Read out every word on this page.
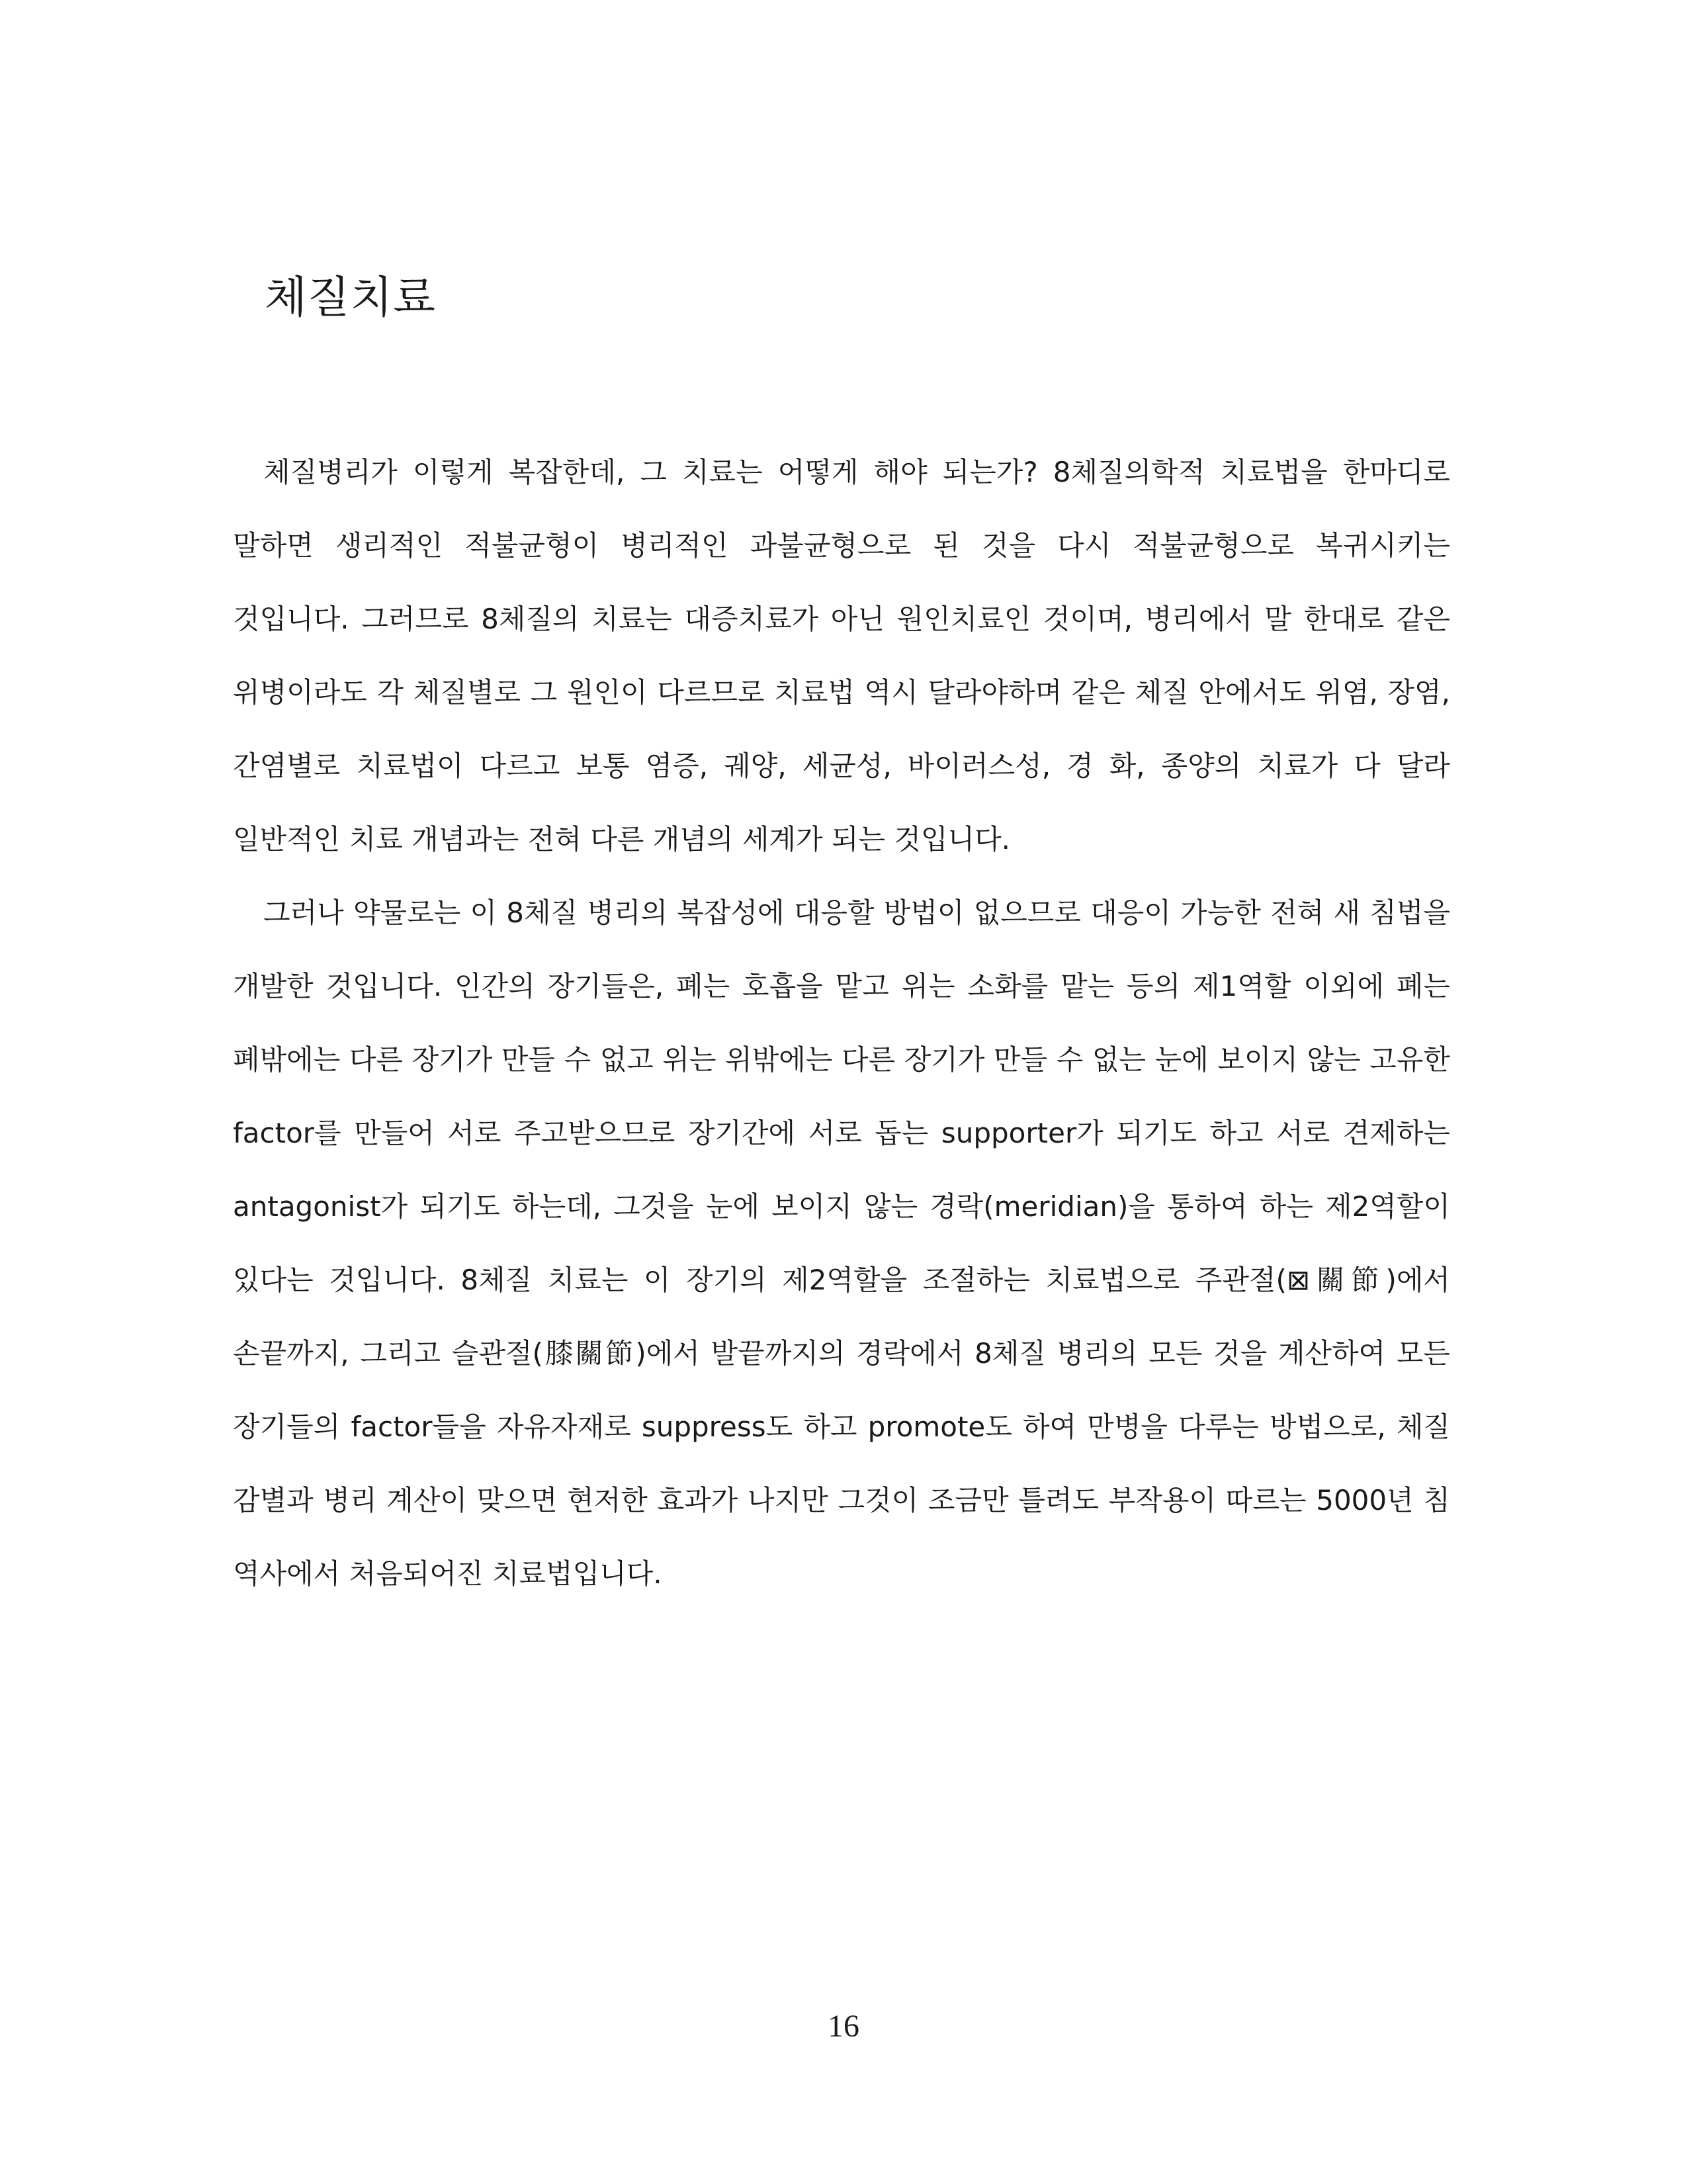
체질치료

체질병리가 이렇게 복잡한데, 그 치료는 어떻게 해야 되는가? 8체질의학적 치료법을 한마디로 말하면 생리적인 적불균형이 병리적인 과불균형으로 된 것을 다시 적불균형으로 복귀시키는 것입니다. 그러므로 8체질의 치료는 대증치료가 아닌 원인치료인 것이며, 병리에서 말 한대로 같은 위병이라도 각 체질별로 그 원인이 다르므로 치료법 역시 달라야하며 같은 체질 안에서도 위염, 장염, 간염별로 치료법이 다르고 보통 염증, 궤양, 세균성, 바이러스성, 경 화, 종양의 치료가 다 달라 일반적인 치료 개념과는 전혀 다른 개념의 세계가 되는 것입니다.

그러나 약물로는 이 8체질 병리의 복잡성에 대응할 방법이 없으므로 대응이 가능한 전혀 새 침법을 개발한 것입니다. 인간의 장기들은, 폐는 호흡을 맡고 위는 소화를 맡는 등의 제1역할 이외에 폐는 폐밖에는 다른 장기가 만들 수 없고 위는 위밖에는 다른 장기가 만들 수 없는 눈에 보이지 않는 고유한 factor를 만들어 서로 주고받으므로 장기간에 서로 돕는 supporter가 되기도 하고 서로 견제하는 antagonist가 되기도 하는데, 그것을 눈에 보이지 않는 경락(meridian)을 통하여 하는 제2역할이 있다는 것입니다. 8체질 치료는 이 장기의 제2역할을 조절하는 치료법으로 주관절(⊠關節)에서 손끝까지, 그리고 슬관절(膝關節)에서 발끝까지의 경락에서 8체질 병리의 모든 것을 계산하여 모든 장기들의 factor들을 자유자재로 suppress도 하고 promote도 하여 만병을 다루는 방법으로, 체질 감별과 병리 계산이 맞으면 현저한 효과가 나지만 그것이 조금만 틀려도 부작용이 따르는 5000년 침 역사에서 처음되어진 치료법입니다.

16
